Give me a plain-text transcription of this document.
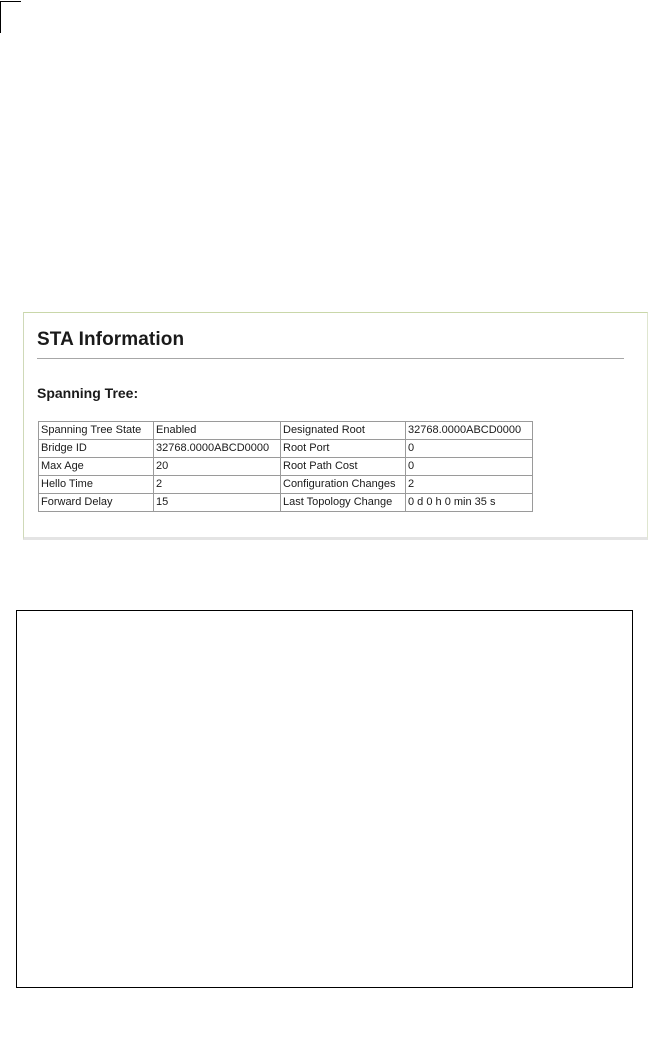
STA Information
Spanning Tree:
Spanning Tree State	Enabled	Designated Root	32768.0000ABCD0000
Bridge ID	32768.0000ABCD0000	Root Port	0
Max Age	20	Root Path Cost	0
Hello Time	2	Configuration Changes	2
Forward Delay	15	Last Topology Change	0 d 0 h 0 min 35 s
